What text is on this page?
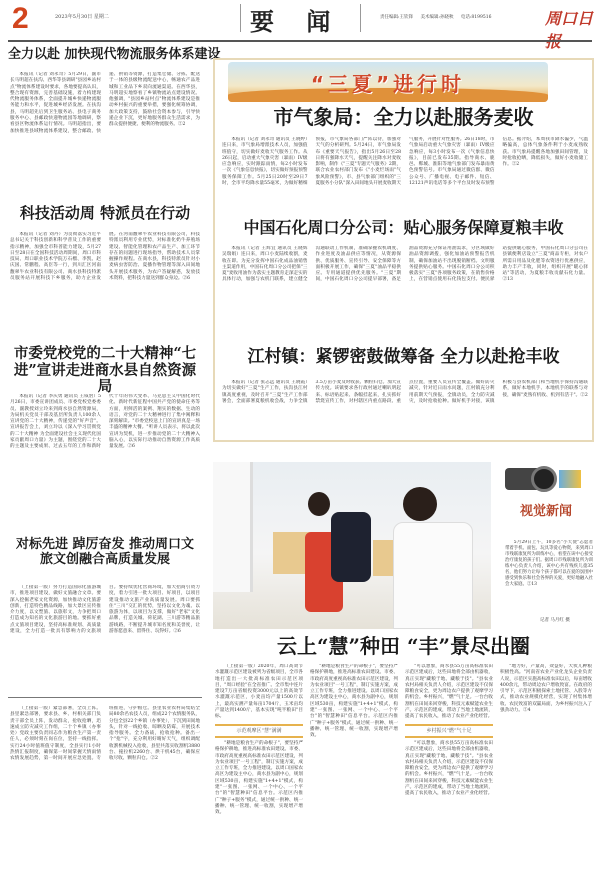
2	2023年5月30日 星期二	要 闻	责任编辑:王钦锋 美术编辑:孙晓秋 电话:8199516	周口日
全力以赴 加快现代物流服务体系建设
本报讯（记者 刘永奇）5月29日，副市长马明超在扶沟、西华等县调研"县园乡站村点"物流体系建设时要求，各地要提高认识，整合现有资源，完善基础设施，着力构建现代物流服务体系，全面提升城乡快递物流服务能力和水平，促进城乡经济发展。在扶沟县，马明超先后到卫生服务站、县电子商务服务中心、县邮政快递物流园等地调研，察看县区物流体系运行情况。马明超指出，要加快推进县域物流体系建设，整合邮政、快递、供销等资源，打造集仓储、分拣、配送于一体的县级物流配送中心，畅通农产品进城和工业品下乡双向流通渠道。在西华县，马明超实地察看了乡镇物流站点建设情况。他强调，"县园乡站村点"物流体系建设是推动乡村振兴的重要举措，要强化统筹协调，加大政策支持，鼓励社会资本参与，引导快递企业下沉，更好地服务群众生活需求，为群众提供便捷、便利的物流服务。②2
科技活动周 特派员在行动
本报讯（记者 刘丹）为贯彻落实习近平总书记关于科技创新和科学普及工作的重要指示精神，加强全市科普能力建设，5月27日至28日在全国科技活动周期间，周口市科技局、周口职业技术学院万石榴、李凯、赵庆国、常鹏程、高臣等一行，到川汇区河南馥翠牛农业科技有限公司、商水县科技特派员服务站开展科技下乡服务，助力企业发展。在河南馥翠牛农业科技有限公司，科技特派员利用专业优势，对标准化奶牛养殖场建设、智能化管理和农产品生产、加工环节存在的问题进行现场指导，帮助技术人员掌握操作规程。在商水县，科技特派员针对小麦病虫害防治、夏播作物管理等深入田间地头开展技术服务，为农户答疑解惑，发放技术资料，把科技力量送到群众身边。②6
市委党校党的二十大精神“七进”宣讲走进商水县自然资源局
本报讯（记者 李庆勇 通讯员 王威豹）5月26日，市委宣讲团成员、市委党校党委委员、副教授刘立玲来到商水县自然资源局，为局机关党员干部及基层所负责人100余人宣讲党的二十大精神，传递党的"好声音"。宣讲报告会上，刘立玲以《深入学习贯彻党的二十大精神 为全面建设社会主义现代化国家贡献周口力量》为主题，围绕党的二十大的主题及主要成果、过去五年的工作和新时代十年的伟大变革、马克思主义中国化时代化、新时代新征程中国共产党的使命任务等方面，用鲜活的案例、翔实的数据、生动的语言，对党的二十大精神进行了集中阐释和深刻解读。"市委党校送上门的宣讲真是一场丰盛的精神大餐。"听讲人员表示，将以此次宣讲为契机，进一步推动党的二十大精神入脑入心，以实际行动推动自然资源工作高质量发展。②6
对标先进 踔厉奋发 推动周口文旅文创融合高质量发展
（上接第一版）努力打造国际化旅游城市，推进项目建设，做好文旅融合文章。要深入挖掘老家文化资源，加快推动文化旅游创新，打造特色精品线路，加大景区宣传推介力度，以文塑旅、以旅彰文，力争把周口打造成为知名的文化旅游目的地。要抓好重点文旅项目建设，坚持高标准规划、高质量建设，全力打造一批具有影响力的文旅项目。要持续优化营商环境，加大招商引资力度，着力引进一批大项目、好项目，以项目建设推动文旅产业高质量发展。周口要抓住"三川"交汇的优势，坚持以文化为魂、以旅游为体，以项目为支撑，做好"老家"文化品牌，打造关城、荷花湖、三川游等精品旅游线路，不断提升城市知名度和美誉度，让游客愿意来、留得住、玩得好。②6
（上接第一版）紧急部署，全员上阵。县里紧急部署，要求县、乡、村相关部门负责干部全员上阵，发动群众，抢收抢晒，迅速成立防灾减灾工作组，二十个乡镇（办事处）党政主要负责同志作为粮食生产第一责任人，必须时刻在岗在位，坚持一线指挥。实行24小时值班值守制度，全县实行1小时热情汇报制度，确保第一时间掌握天情雨情农情发展趋势，第一时间开展应急处置。专班推进，守护粮仓。县里农业农村局集结全局80余名农技人员，组成22个农情服务队，分包全县22个乡镇（办事处），下沉到田间地头，针对一线抢收、晾晒及防霉，开展技术指导服务。全力备战，抢收抢种。备出一个"抢"字，充分利用好晴好天气，组织调配收割机械投入抢收，县里共落实收割机3880台、拖拉机2260台、烘干机45台，确保应收尽收、颗粒归仓。②2
“三夏”进行时
市气象局：全力以赴服务麦收
本报讯（记者 刘永奇 通讯员 王晓婷）连日来，市气象局增派技术人员，加强值班值守，切实做好麦收天气服务工作。从26日起，启动重大气象灾害（暴雨）IV级应急响应，实时跟踪雨情，每2小时发布一次《气象信息快报》，切实做好预报预警服务保障工作。5月25日20时至29日7时，全市平均降水量55毫米，为做好精细预报，市气象局各部门严阵以待，加强对天气的分析研判。5月24日，市气象局发布《重要天气报告》，指出5月26日至28日将有强降水天气，提醒关注降水对麦收影响，制作《"三夏"专题天气服务》2期，联合农业农村部门发布《"小麦烂场雨"气象风险预警》，市、县气象部门组织的"三夏服务小分队"深入田间地头开展麦收期天气服务，开展针对性服务。26日18时，市气象局启动重大气象灾害（暴雨）IV级应急响应，每3小时发布一次《气象信息快报》，目前已发布35期。指导商水、鹿邑、郸城、淮阳等地气象部门发布暴雨黄色预警信号。市气象局通过微信群、微信公众号、广播电视、电子邮件、短信、12121声讯电话等多个平台及时发布预警信息。据介绍，本周我市降水偏少，气温略偏高，总体气象条件利于小麦成熟收获。市气象局提醒各地加强田间管理，及时抢收抢晒，降低损失，做好小麦收储工作。②2
中国石化周口分公司：贴心服务保障夏粮丰收
本报讯（记者 王辉宜 通讯员 王晓辉 吴瑞娟）连日来，周口小麦陆续收割，麦收在即。为充分发挥中国石化成品油销售主渠道作用，中国石化周口分公司把保"三夏"麦收用油作为落实主题教育走深走实的具体行动，加强与农机门联系，建立健全沟通联动工作机制，准确掌握农机调度、作业进度及油品供应等情况，从资源保供、优质服务、宣传引导、安全保障等方面积极开展工作，确保"三夏"油品平稳供应。专用通道提供优先服务。"三夏"期间，中国石化周口分公司提早部署，备足油品资源充分保证用油需求，分区域做好油品资源调拨，强化加油站预警报告机制，确保加油站不出现脱销断档。文明服务提供贴心服务。中国石化周口分公司积极落实"三夏"各项服务政策，在销售价格上，在营销点使用石化钱包支付。便民驿站提供暖心服务，中国石化周口分公司在县镇便利店设立"三夏"商品专柜，对农户所需日用品及化肥等农资进行优惠供应，助力丰产丰收，同时，组织开展"暖心驿站"等活动，为夏粮丰收贡献石化力量。②13
江村镇：紧锣密鼓做筹备 全力以赴抢丰收
本报讯（记者 张志远 通讯员 王晓霞）为切实做好"三夏"生产工作，扶沟县江村镇高度重视，及时召开"三夏"生产工作部署会，全面部署夏粮机收会战，力争全镇3.5万亩小麦及时收获、颗粒归仓。加大宣传力度。该镇要求各行政村通过喇叭明起来、标语贴起来、条幅挂起来，扎实抓好禁烧宣传工作，对村辖区内重点路段、重点位置，重要人员宣传全覆盖。做好防灾减灾，针对近日雨水问题，江村镇充分利用前期天气预报，全镇动员，全力防灾减灾，及时抢收抢种。做好机手对接，该镇积极与县农机部门和当地机手保持沟通联系，做好本地机手、本地机手的联系与对接，确保"麦熟有机收、机到有活干"。②2
视觉新闻
5月29日上午，10多名"小天使"志愿者带着手机、面包、玩具等爱心物资，来到周口市残联康复所为训练中心，看望在该中心接受治疗康复的孩子们。据周口市残联康复所为训练中心负责人介绍，该中心共有残疾儿童35名，他们努力让每个孩子都可以在爱的氛围中感受到快乐和社会各界的关爱，更好地融入社会大家庭。②13
记者 马月红 摄
云上“慧”种田 “丰”景尽出圈

（上接第一版）2020年，周口高效节水灌溉示范区建设被列为省级项目，全市各地打造出一大批高标准农田示范区项目，"周口经验"在全省推广。全市集中连片建设7万亩省级投资3000元以上的高效节水灌溉示范区，小麦亩均产量1500斤以上，最高实测产量每亩1704斤，玉米亩均产量达到1400斤，基本实现"吨半粮田"目标。

示范观摩区“慧”满满

"耕地是粮食生产的命根子"，要坚持严格保护耕地，推进高标准农田建设。市委、市政府高度重视高标准农田示范区建设，列为农业项目"一号工程"，制订实施方案，成立工作专班，全力推进建设。以周口国家农高区为建设主中心，商水县为副中心，规划区域530亩，构建实施"1+4+1"模式，构建"一张图、一张网、一个中心、一个平台"的"智慧种田"信息平台。示范区内推广"种子+服务"模式，通过统一供种、统一播种、统一管理、统一收割，实现增产增效。

"耕地是粮食生产的命根子"，要坚持严格保护耕地，推进高标准农田建设。市委、市政府高度重视高标准农田示范区建设，列为农业项目"一号工程"，制订实施方案，成立工作专班，全力推进建设。以周口国家农高区为建设主中心，商水县为副中心，规划区域530亩，构建实施"1+4+1"模式，构建"一张图、一张网、一个中心、一个平台"的"智慧种田"信息平台。示范区内推广"种子+服务"模式，通过统一供种、统一播种、统一管理、统一收割，实现增产增效。

"可以想象，商水县55万亩高标准农田示范区建成后，这些田地将全部由机器收，真正实现"藏粮于地、藏粮于技"。"县农业农村局相关负责人介绍，示范区建设不仅保障粮食安全，更为周边农户提供了观摩学习的机会。乡村振兴，"燃"气十足。一台台收割机在田间来回穿梭，科技元素赋能农业生产。示范区的建成，带动了当地土地流转，提高了农民收入，推动了农业产业化经营。

乡村振兴“燃”气十足

"可以想象，商水县55万亩高标准农田示范区建成后，这些田地将全部由机器收，真正实现"藏粮于地、藏粮于技"。"县农业农村局相关负责人介绍，示范区建设不仅保障粮食安全，更为周边农户提供了观摩学习的机会。乡村振兴，"燃"气十足。一台台收割机在田间来回穿梭，科技元素赋能农业生产。示范区的建成，带动了当地土地流转，提高了农民收入，推动了农业产业化经营。

"地力好，产量高，效益好，大伙儿种粮积极性高。"河南省农业产业化龙头企业负责人说，示范区实施高标准农田以后，每亩增收400余元，带动周边农户增收致富。在政府的引导下，示范区积极探索土地托管、入股等方式，推动农业规模化经营，实现了村集体增收、农民致富的双赢局面，为乡村振兴注入了强劲动力。②4
